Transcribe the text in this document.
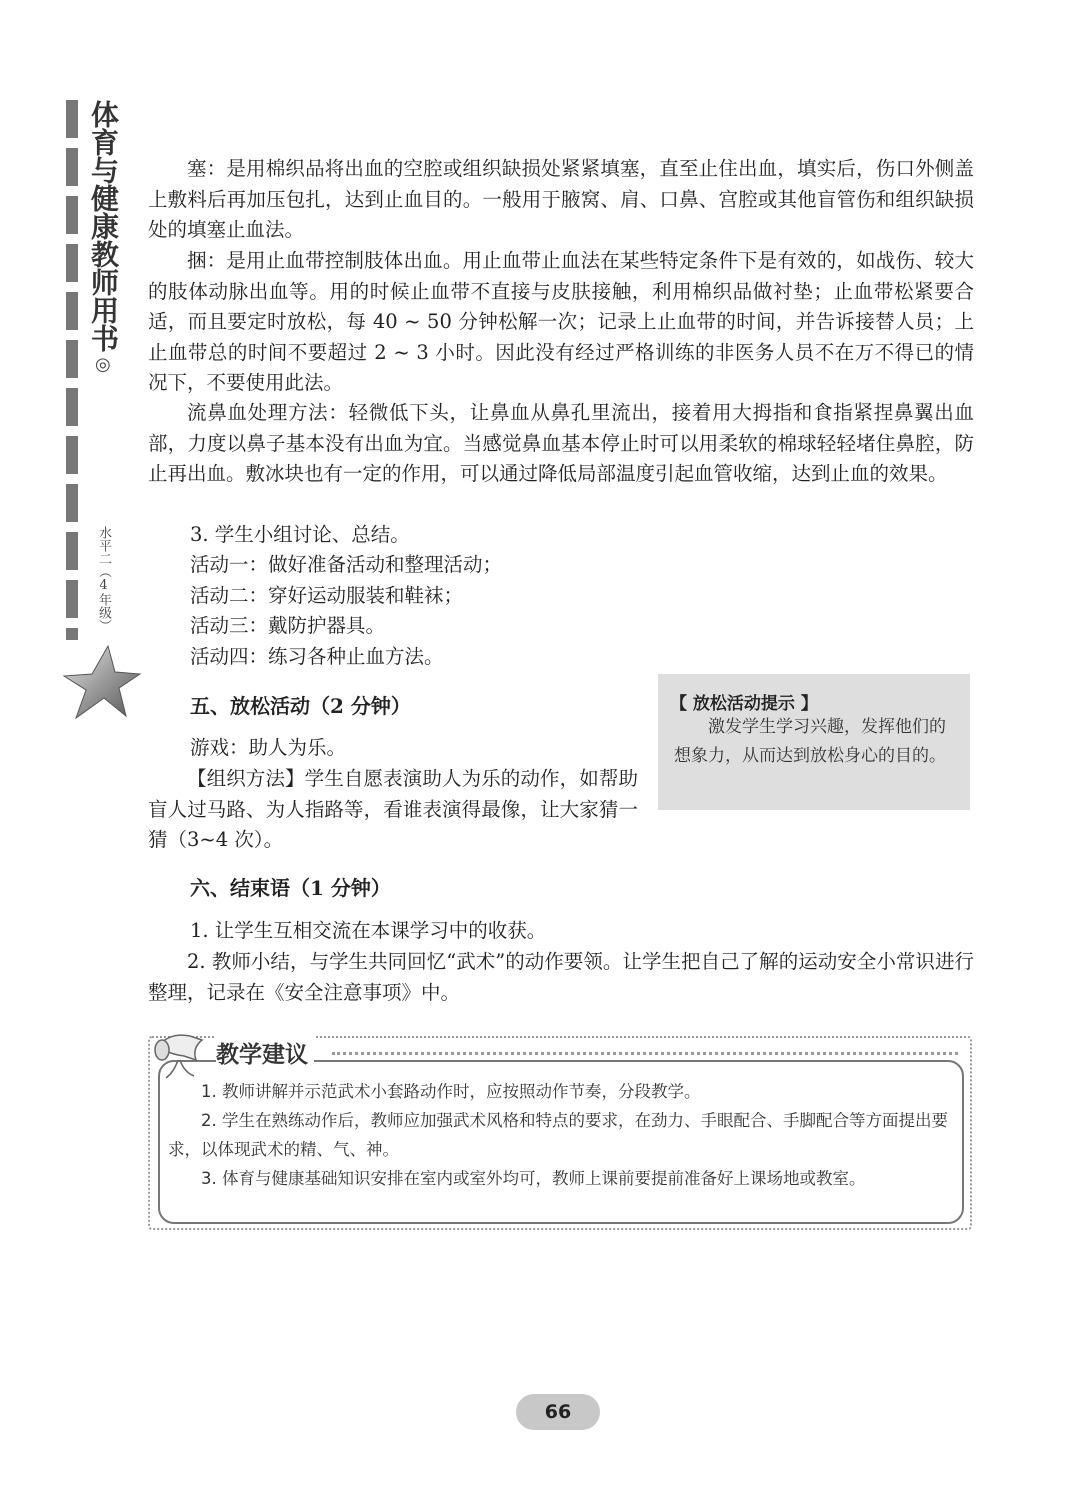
体育与健康教师用书
◎
水平二（4年级）

塞：是用棉织品将出血的空腔或组织缺损处紧紧填塞，直至止住出血，填实后，伤口外侧盖上敷料后再加压包扎，达到止血目的。一般用于腋窝、肩、口鼻、宫腔或其他盲管伤和组织缺损处的填塞止血法。

捆：是用止血带控制肢体出血。用止血带止血法在某些特定条件下是有效的，如战伤、较大的肢体动脉出血等。用的时候止血带不直接与皮肤接触，利用棉织品做衬垫；止血带松紧要合适，而且要定时放松，每 40 ~ 50 分钟松解一次；记录上止血带的时间，并告诉接替人员；上止血带总的时间不要超过 2 ~ 3 小时。因此没有经过严格训练的非医务人员不在万不得已的情况下，不要使用此法。

流鼻血处理方法：轻微低下头，让鼻血从鼻孔里流出，接着用大拇指和食指紧捏鼻翼出血部，力度以鼻子基本没有出血为宜。当感觉鼻血基本停止时可以用柔软的棉球轻轻堵住鼻腔，防止再出血。敷冰块也有一定的作用，可以通过降低局部温度引起血管收缩，达到止血的效果。

3. 学生小组讨论、总结。

活动一：做好准备活动和整理活动；

活动二：穿好运动服装和鞋袜；

活动三：戴防护器具。

活动四：练习各种止血方法。

五、放松活动（2 分钟）

游戏：助人为乐。

【组织方法】学生自愿表演助人为乐的动作，如帮助盲人过马路、为人指路等，看谁表演得最像，让大家猜一猜（3~4 次）。

【 放松活动提示 】

激发学生学习兴趣，发挥他们的想象力，从而达到放松身心的目的。

六、结束语（1 分钟）

1. 让学生互相交流在本课学习中的收获。

2. 教师小结，与学生共同回忆“武术”的动作要领。让学生把自己了解的运动安全小常识进行整理，记录在《安全注意事项》中。

教学建议

1. 教师讲解并示范武术小套路动作时，应按照动作节奏，分段教学。

2. 学生在熟练动作后，教师应加强武术风格和特点的要求，在劲力、手眼配合、手脚配合等方面提出要求，以体现武术的精、气、神。

3. 体育与健康基础知识安排在室内或室外均可，教师上课前要提前准备好上课场地或教室。

66
